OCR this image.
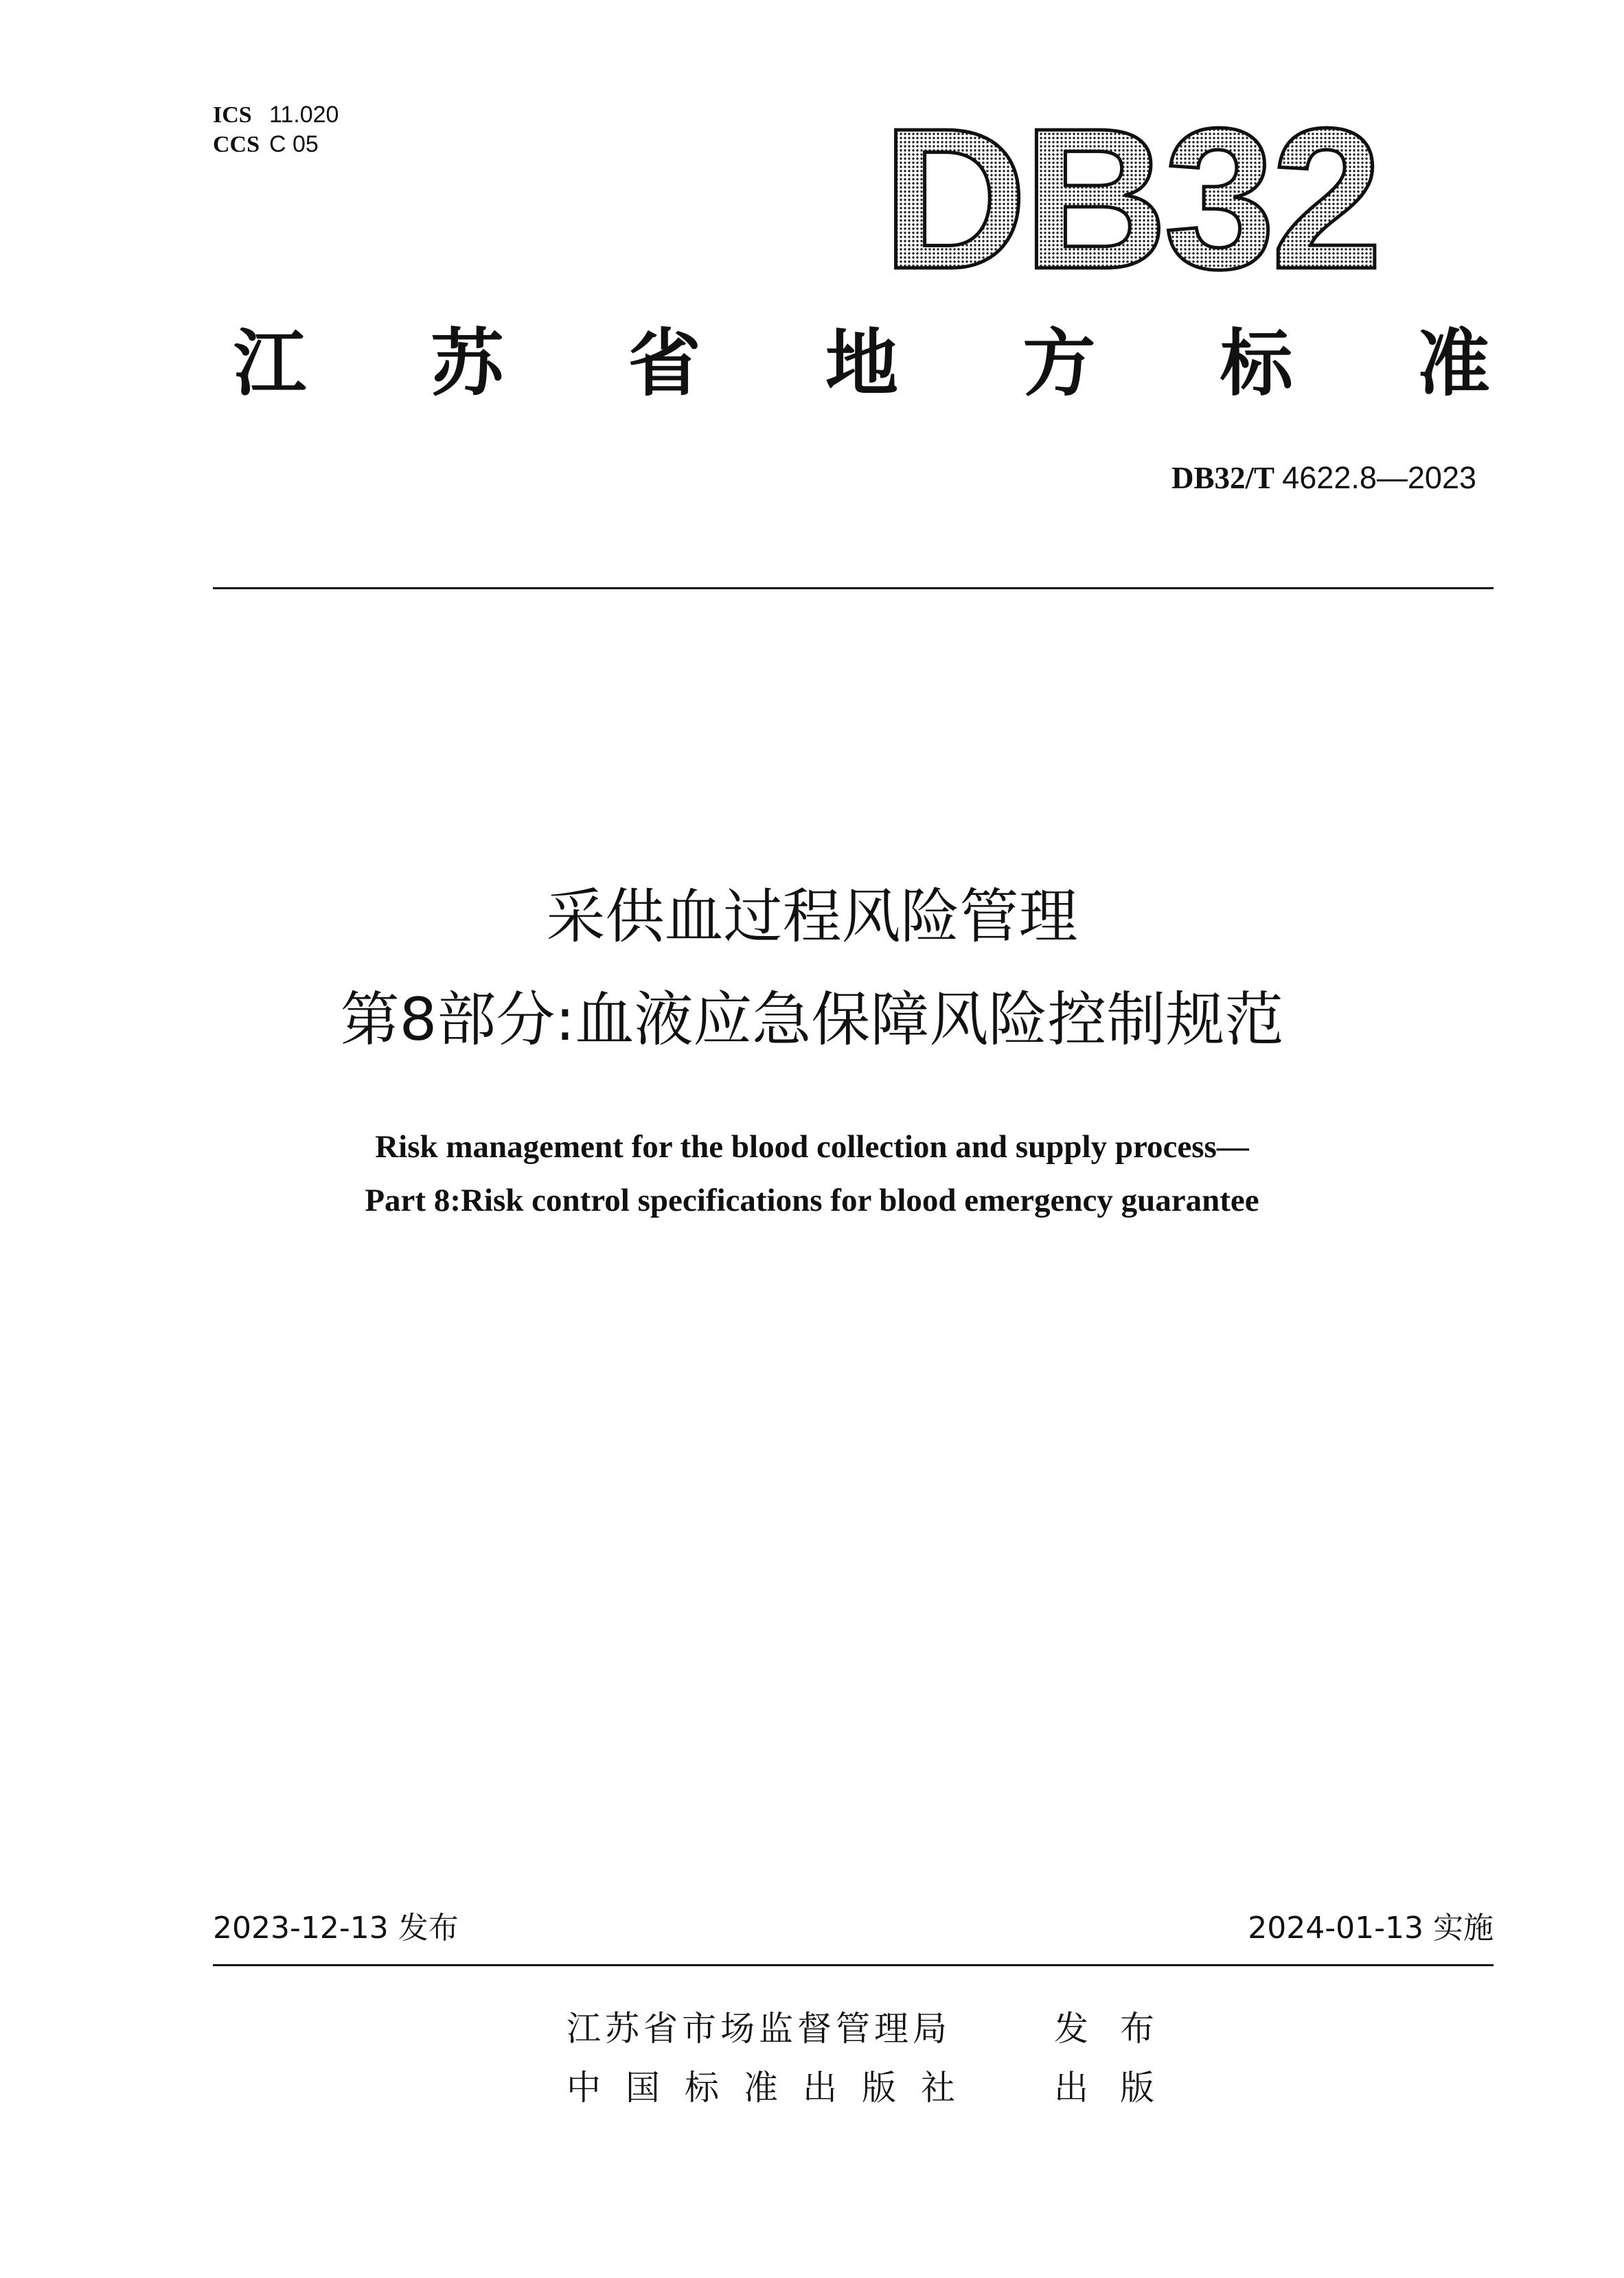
ICS 11.020
CCS C 05	DB32
江 苏 省 地 方 标 准
DB32/T 4622.8—2023
采供血过程风险管理
第8部分:血液应急保障风险控制规范
Risk management for the blood collection and supply process—
Part 8:Risk control specifications for blood emergency guarantee
2023-12-13 发布	2024-01-13 实施
江苏省市场监督管理局	发布
中国标准出版社 出版
